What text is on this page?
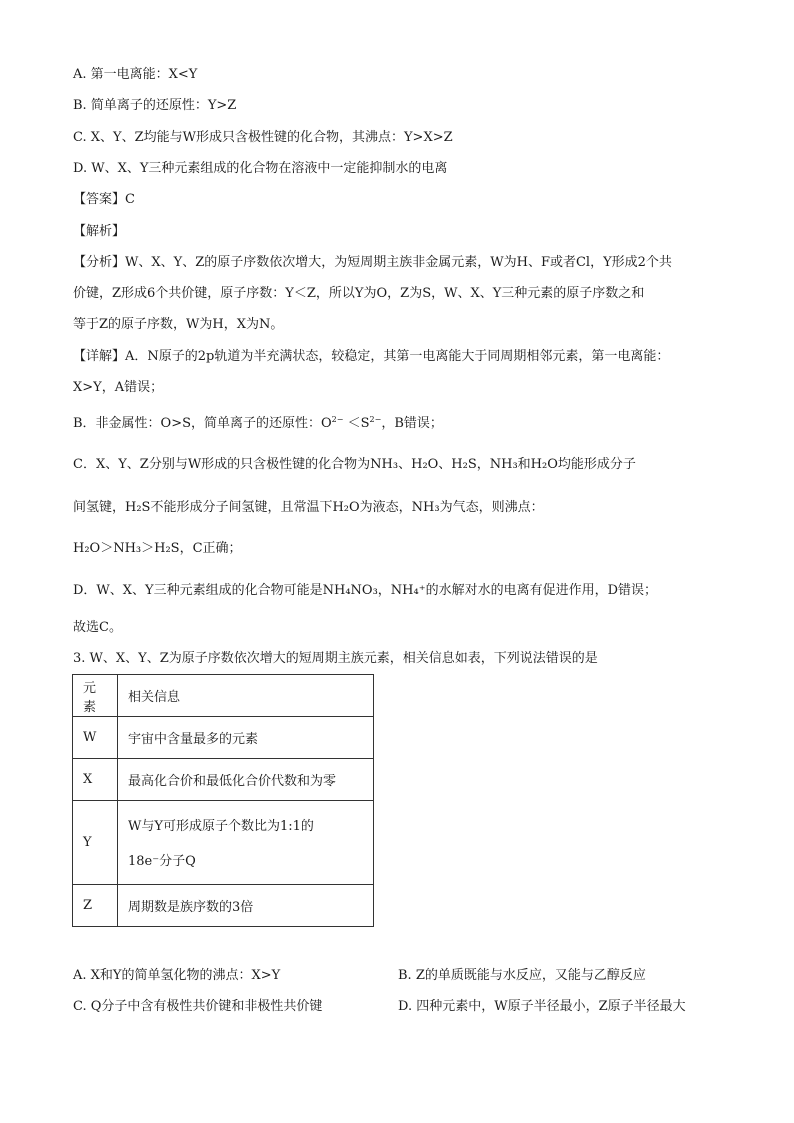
A. 第一电离能：X<Y
B. 简单离子的还原性：Y>Z
C. X、Y、Z均能与W形成只含极性键的化合物，其沸点：Y>X>Z
D. W、X、Y三种元素组成的化合物在溶液中一定能抑制水的电离
【答案】C
【解析】
【分析】W、X、Y、Z的原子序数依次增大，为短周期主族非金属元素，W为H、F或者Cl，Y形成2个共
价键，Z形成6个共价键，原子序数：Y＜Z，所以Y为O，Z为S，W、X、Y三种元素的原子序数之和
等于Z的原子序数，W为H，X为N。
【详解】A．N原子的2p轨道为半充满状态，较稳定，其第一电离能大于同周期相邻元素，第一电离能：
X>Y，A错误；
B．非金属性：O>S，简单离子的还原性：$O^{2-} <S^{2-}$，B错误；
C．X、Y、Z分别与W形成的只含极性键的化合物为NH₃、H₂O、H₂S，NH₃和H₂O均能形成分子
间氢键，H₂S不能形成分子间氢键，且常温下H₂O为液态，NH₃为气态，则沸点：
H₂O＞NH₃＞H₂S，C正确；
D．W、X、Y三种元素组成的化合物可能是NH₄NO₃，NH₄⁺的水解对水的电离有促进作用，D错误；
故选C。
3. W、X、Y、Z为原子序数依次增大的短周期主族元素，相关信息如表，下列说法错误的是
元素	相关信息
W	宇宙中含量最多的元素
X	最高化合价和最低化合价代数和为零
Y	W与Y可形成原子个数比为1:1的
18e⁻分子Q

Z	周期数是族序数的3倍
A. X和Y的简单氢化物的沸点：X>Y	B. Z的单质既能与水反应，又能与乙醇反应
C. Q分子中含有极性共价键和非极性共价键	D. 四种元素中，W原子半径最小，Z原子半径最大
